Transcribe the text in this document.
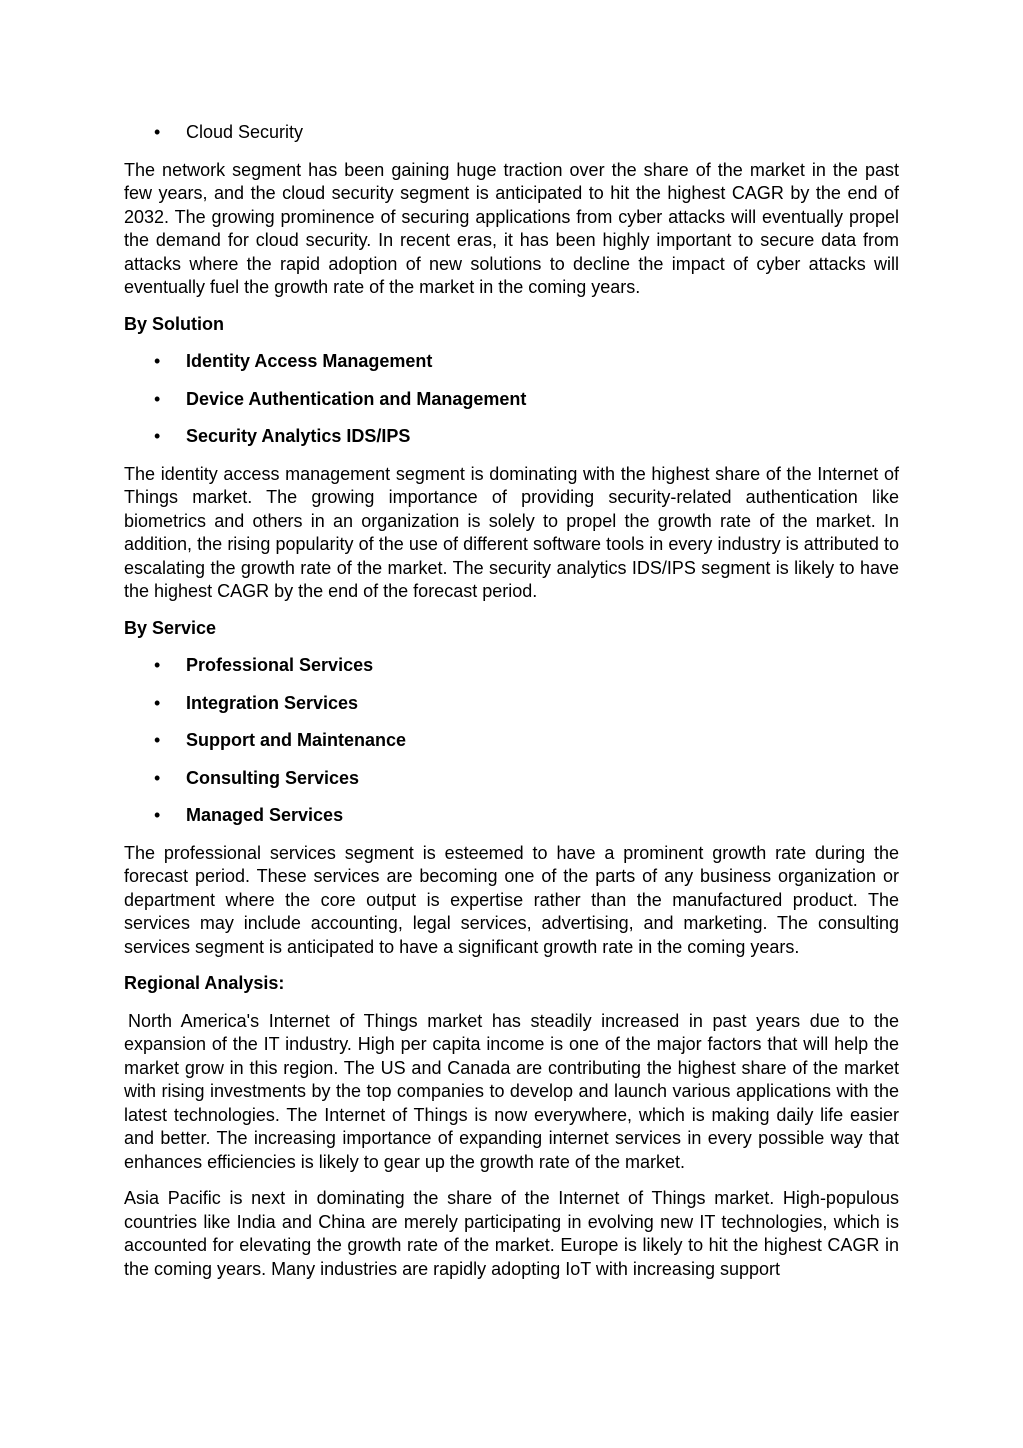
• Cloud Security

The network segment has been gaining huge traction over the share of the market in the past few years, and the cloud security segment is anticipated to hit the highest CAGR by the end of 2032. The growing prominence of securing applications from cyber attacks will eventually propel the demand for cloud security. In recent eras, it has been highly important to secure data from attacks where the rapid adoption of new solutions to decline the impact of cyber attacks will eventually fuel the growth rate of the market in the coming years.

By Solution
• Identity Access Management
• Device Authentication and Management
• Security Analytics IDS/IPS

The identity access management segment is dominating with the highest share of the Internet of Things market. The growing importance of providing security-related authentication like biometrics and others in an organization is solely to propel the growth rate of the market. In addition, the rising popularity of the use of different software tools in every industry is attributed to escalating the growth rate of the market. The security analytics IDS/IPS segment is likely to have the highest CAGR by the end of the forecast period.

By Service
• Professional Services
• Integration Services
• Support and Maintenance
• Consulting Services
• Managed Services

The professional services segment is esteemed to have a prominent growth rate during the forecast period. These services are becoming one of the parts of any business organization or department where the core output is expertise rather than the manufactured product. The services may include accounting, legal services, advertising, and marketing. The consulting services segment is anticipated to have a significant growth rate in the coming years.

Regional Analysis:

North America's Internet of Things market has steadily increased in past years due to the expansion of the IT industry. High per capita income is one of the major factors that will help the market grow in this region. The US and Canada are contributing the highest share of the market with rising investments by the top companies to develop and launch various applications with the latest technologies. The Internet of Things is now everywhere, which is making daily life easier and better. The increasing importance of expanding internet services in every possible way that enhances efficiencies is likely to gear up the growth rate of the market.

Asia Pacific is next in dominating the share of the Internet of Things market. High-populous countries like India and China are merely participating in evolving new IT technologies, which is accounted for elevating the growth rate of the market. Europe is likely to hit the highest CAGR in the coming years. Many industries are rapidly adopting IoT with increasing support
